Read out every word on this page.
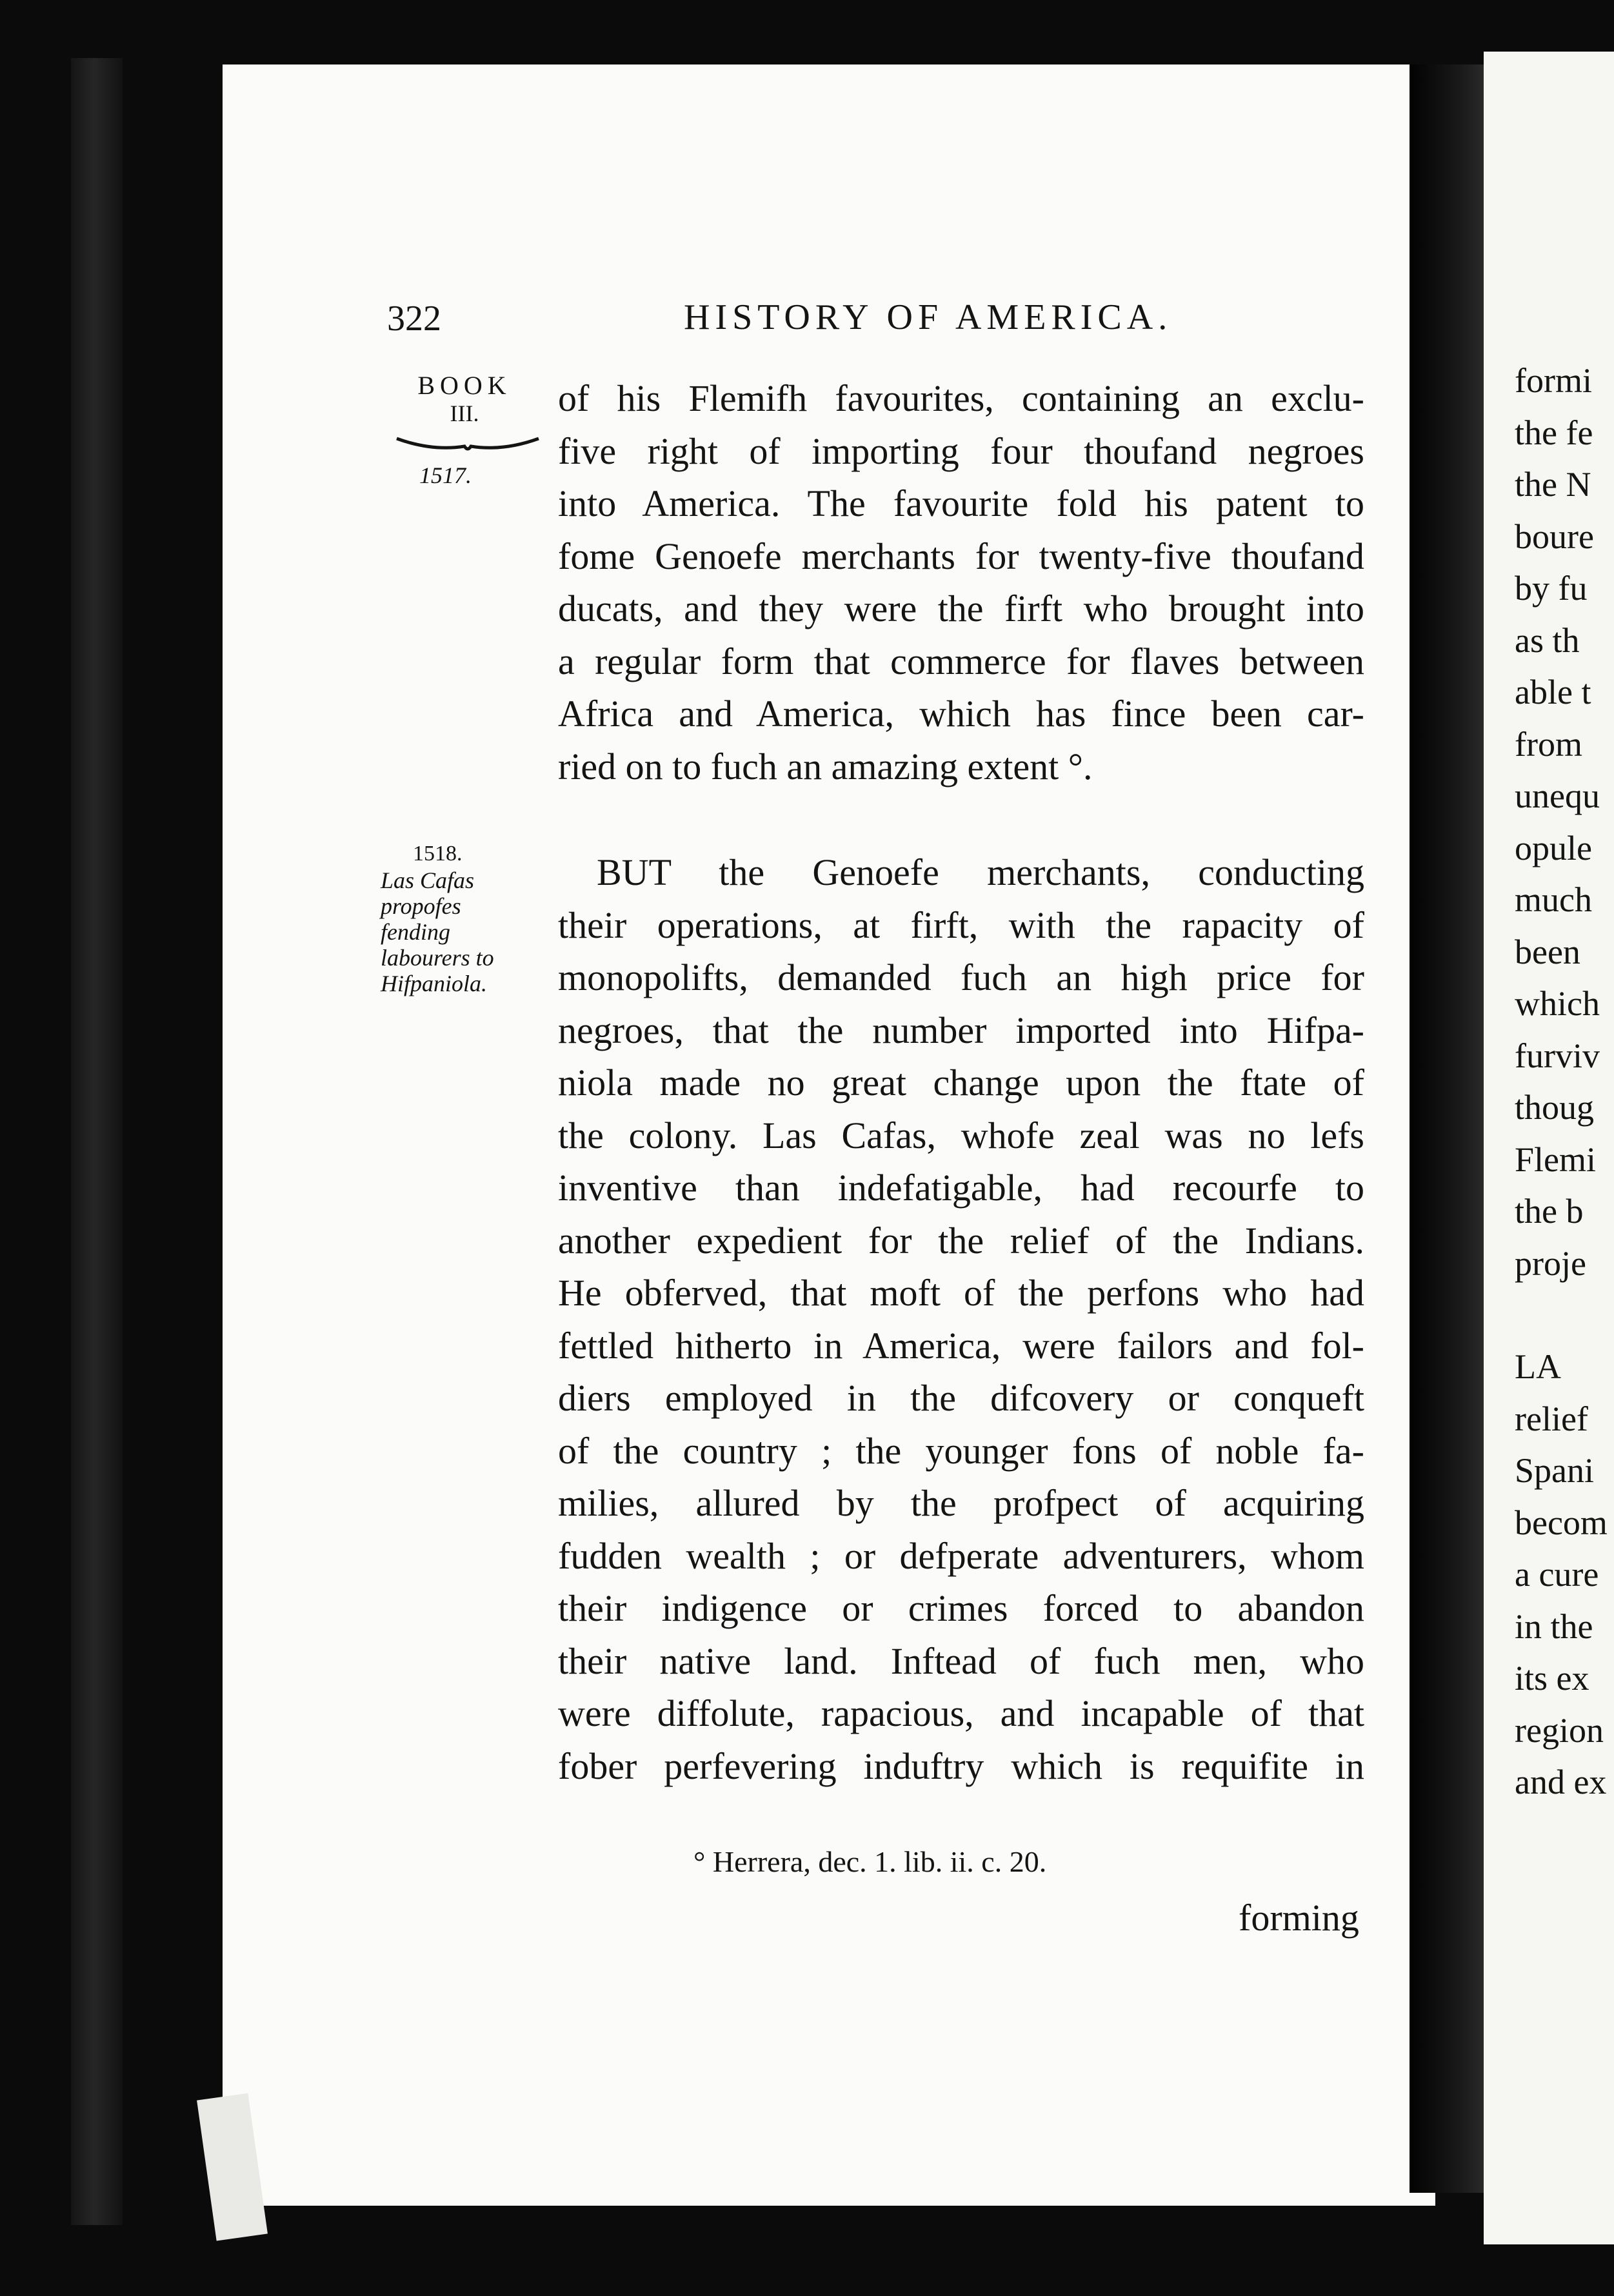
322	HISTORY OF AMERICA.
BOOK
III.
1517.
1518.
Las Cafas
propofes
fending
labourers to
Hifpaniola.
of his Flemifh favourites, containing an exclu-
five right of importing four thoufand negroes
into America. The favourite fold his patent to
fome Genoefe merchants for twenty-five thoufand
ducats, and they were the firft who brought into
a regular form that commerce for flaves between
Africa and America, which has fince been car-
ried on to fuch an amazing extent °.
BUT the Genoefe merchants, conducting
their operations, at firft, with the rapacity of
monopolifts, demanded fuch an high price for
negroes, that the number imported into Hifpa-
niola made no great change upon the ftate of
the colony. Las Cafas, whofe zeal was no lefs
inventive than indefatigable, had recourfe to
another expedient for the relief of the Indians.
He obferved, that moft of the perfons who had
fettled hitherto in America, were failors and fol-
diers employed in the difcovery or conqueft
of the country ; the younger fons of noble fa-
milies, allured by the profpect of acquiring
fudden wealth ; or defperate adventurers, whom
their indigence or crimes forced to abandon
their native land. Inftead of fuch men, who
were diffolute, rapacious, and incapable of that
fober perfevering induftry which is requifite in
° Herrera, dec. 1. lib. ii. c. 20.
forming
formi
the fe
the N
boure
by fu
as th
able t
from
unequ
opule
much
been
which
furviv
thoug
Flemi
the b
proje
LA
relief
Spani
becom
a cure
in the
its ex
region
and ex
